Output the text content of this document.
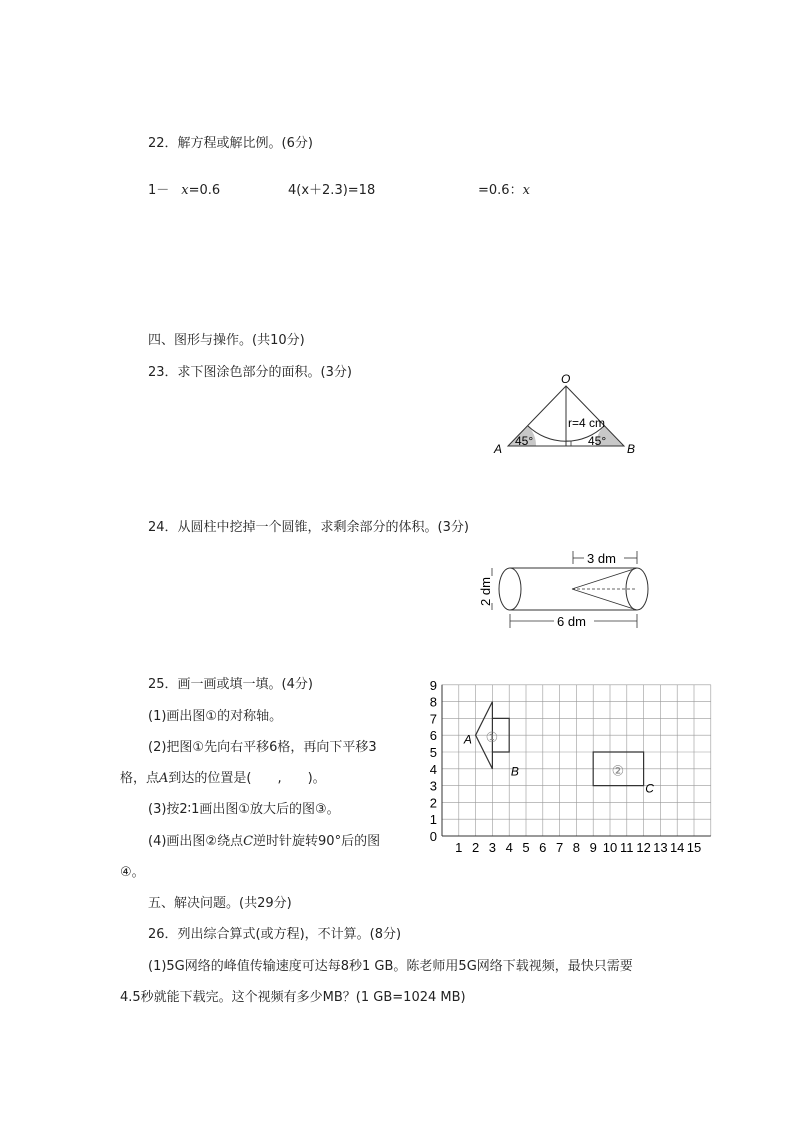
22．解方程或解比例。(6分)
1－ x=0.6	4(x＋2.3)=18	=0.6：x
四、图形与操作。(共10分)
23．求下图涂色部分的面积。(3分)	O
A	B
r=4 cm
45°	45°
24．从圆柱中挖掉一个圆锥，求剩余部分的体积。(3分)
3 dm
6 dm
2 dm
25．画一画或填一填。(4分)
(1)画出图①的对称轴。
(2)把图①先向右平移6格，再向下平移3
格，点A到达的位置是(　　,　　)。
(3)按2∶1画出图①放大后的图③。
(4)画出图②绕点C逆时针旋转90°后的图
④。
1 2 3 4 5 6 7 8 9 10 11 12 13 14 15
0
1
2
3
4
5
6
7
8
9
①
A
B	②
C
五、解决问题。(共29分)
26．列出综合算式(或方程)，不计算。(8分)
(1)5G网络的峰值传输速度可达每8秒1 GB。陈老师用5G网络下载视频，最快只需要
4.5秒就能下载完。这个视频有多少MB？(1 GB=1024 MB)
